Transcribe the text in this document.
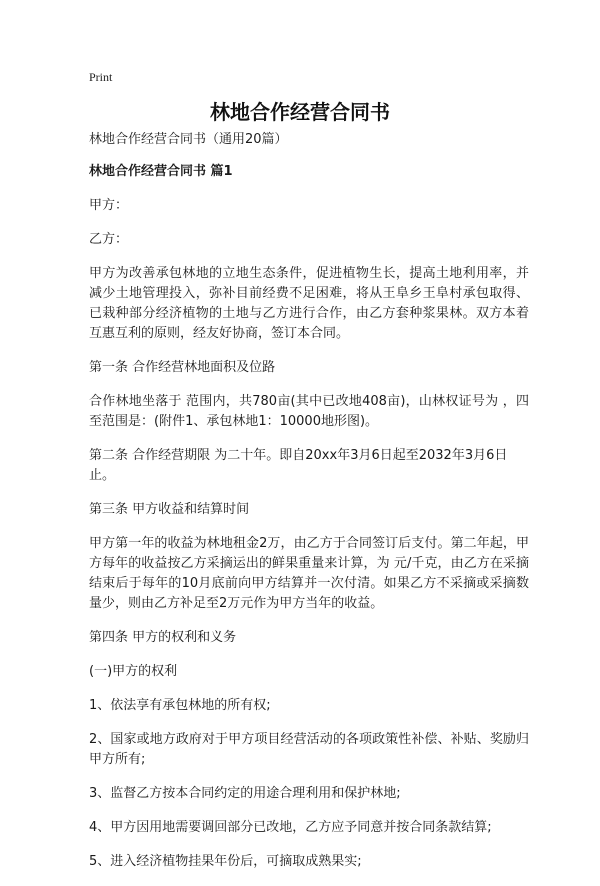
Print
林地合作经营合同书

林地合作经营合同书（通用20篇）

林地合作经营合同书 篇1

甲方：

乙方：

甲方为改善承包林地的立地生态条件，促进植物生长，提高土地利用率，并减少土地管理投入，弥补目前经费不足困难，将从王阜乡王阜村承包取得、已栽种部分经济植物的土地与乙方进行合作，由乙方套种浆果林。双方本着互惠互利的原则，经友好协商，签订本合同。

第一条 合作经营林地面积及位路

合作林地坐落于 范围内，共780亩(其中已改地408亩)，山林权证号为 ，四至范围是：(附件1、承包林地1：10000地形图)。

第二条 合作经营期限 为二十年。即自20xx年3月6日起至2032年3月6日止。

第三条 甲方收益和结算时间

甲方第一年的收益为林地租金2万，由乙方于合同签订后支付。第二年起，甲方每年的收益按乙方采摘运出的鲜果重量来计算，为 元/千克，由乙方在采摘结束后于每年的10月底前向甲方结算并一次付清。如果乙方不采摘或采摘数量少，则由乙方补足至2万元作为甲方当年的收益。

第四条 甲方的权利和义务

(一)甲方的权利

1、依法享有承包林地的所有权;

2、国家或地方政府对于甲方项目经营活动的各项政策性补偿、补贴、奖励归甲方所有;

3、监督乙方按本合同约定的用途合理利用和保护林地;

4、甲方因用地需要调回部分已改地，乙方应予同意并按合同条款结算;

5、进入经济植物挂果年份后，可摘取成熟果实;
